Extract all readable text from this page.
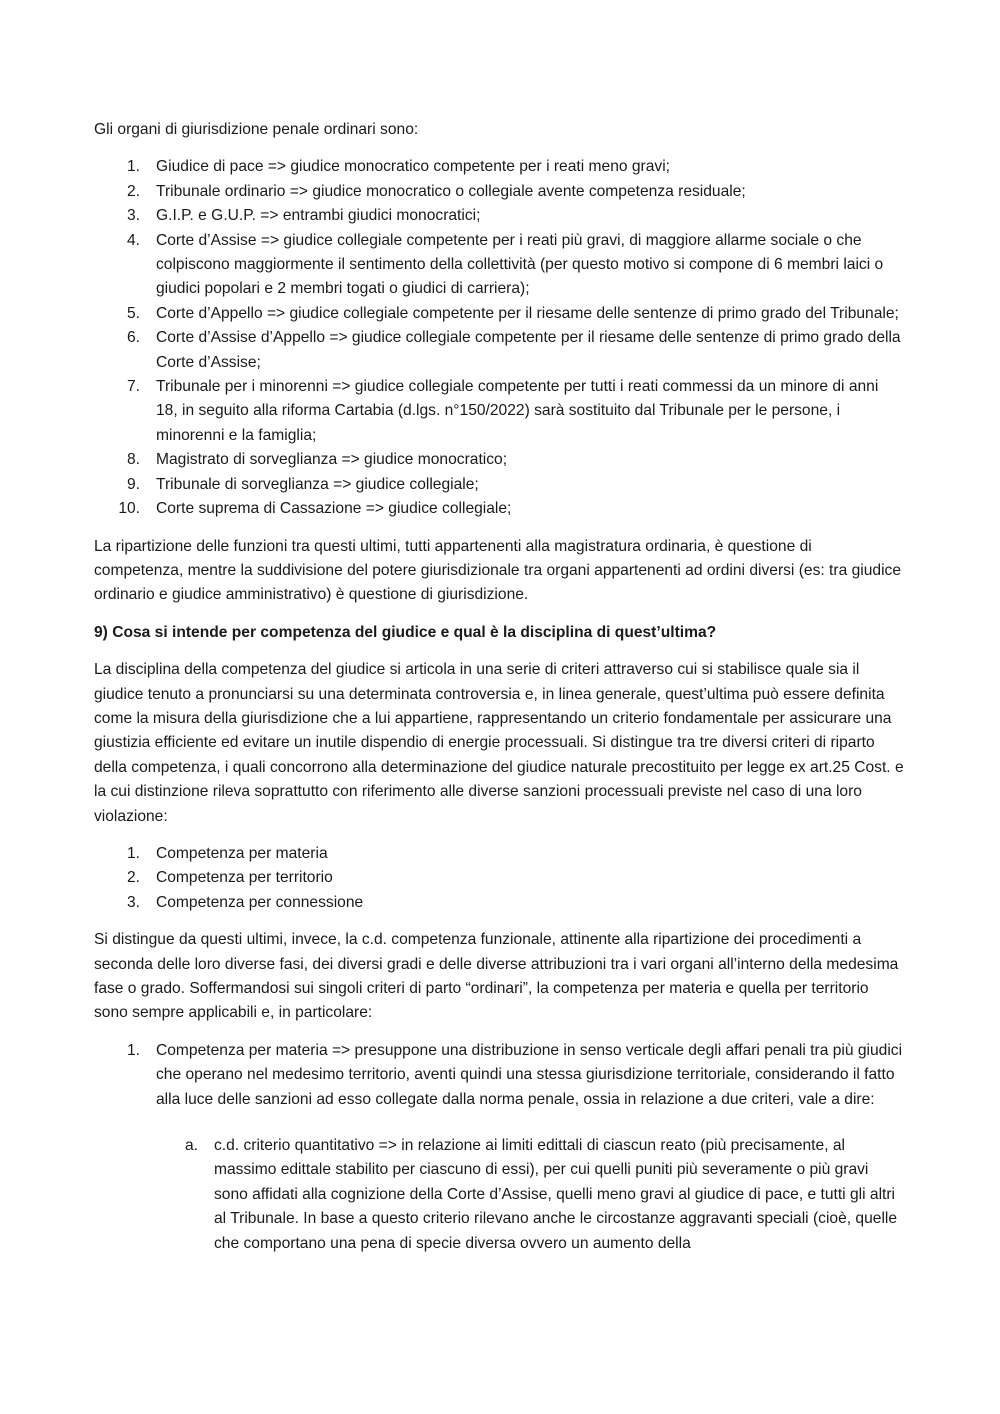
Gli organi di giurisdizione penale ordinari sono:

1. Giudice di pace => giudice monocratico competente per i reati meno gravi;
2. Tribunale ordinario => giudice monocratico o collegiale avente competenza residuale;
3. G.I.P. e G.U.P. => entrambi giudici monocratici;
4. Corte d’Assise => giudice collegiale competente per i reati più gravi, di maggiore allarme sociale o che colpiscono maggiormente il sentimento della collettività (per questo motivo si compone di 6 membri laici o giudici popolari e 2 membri togati o giudici di carriera);
5. Corte d’Appello => giudice collegiale competente per il riesame delle sentenze di primo grado del Tribunale;
6. Corte d’Assise d’Appello => giudice collegiale competente per il riesame delle sentenze di primo grado della Corte d’Assise;
7. Tribunale per i minorenni => giudice collegiale competente per tutti i reati commessi da un minore di anni 18, in seguito alla riforma Cartabia (d.lgs. n°150/2022) sarà sostituito dal Tribunale per le persone, i minorenni e la famiglia;
8. Magistrato di sorveglianza => giudice monocratico;
9. Tribunale di sorveglianza => giudice collegiale;
10. Corte suprema di Cassazione => giudice collegiale;

La ripartizione delle funzioni tra questi ultimi, tutti appartenenti alla magistratura ordinaria, è questione di competenza, mentre la suddivisione del potere giurisdizionale tra organi appartenenti ad ordini diversi (es: tra giudice ordinario e giudice amministrativo) è questione di giurisdizione.

9) Cosa si intende per competenza del giudice e qual è la disciplina di quest’ultima?

La disciplina della competenza del giudice si articola in una serie di criteri attraverso cui si stabilisce quale sia il giudice tenuto a pronunciarsi su una determinata controversia e, in linea generale, quest’ultima può essere definita come la misura della giurisdizione che a lui appartiene, rappresentando un criterio fondamentale per assicurare una giustizia efficiente ed evitare un inutile dispendio di energie processuali. Si distingue tra tre diversi criteri di riparto della competenza, i quali concorrono alla determinazione del giudice naturale precostituito per legge ex art.25 Cost. e la cui distinzione rileva soprattutto con riferimento alle diverse sanzioni processuali previste nel caso di una loro violazione:

1. Competenza per materia
2. Competenza per territorio
3. Competenza per connessione

Si distingue da questi ultimi, invece, la c.d. competenza funzionale, attinente alla ripartizione dei procedimenti a seconda delle loro diverse fasi, dei diversi gradi e delle diverse attribuzioni tra i vari organi all’interno della medesima fase o grado. Soffermandosi sui singoli criteri di parto “ordinari”, la competenza per materia e quella per territorio sono sempre applicabili e, in particolare:

1. Competenza per materia => presuppone una distribuzione in senso verticale degli affari penali tra più giudici che operano nel medesimo territorio, aventi quindi una stessa giurisdizione territoriale, considerando il fatto alla luce delle sanzioni ad esso collegate dalla norma penale, ossia in relazione a due criteri, vale a dire:
a. c.d. criterio quantitativo => in relazione ai limiti edittali di ciascun reato (più precisamente, al massimo edittale stabilito per ciascuno di essi), per cui quelli puniti più severamente o più gravi sono affidati alla cognizione della Corte d’Assise, quelli meno gravi al giudice di pace, e tutti gli altri al Tribunale. In base a questo criterio rilevano anche le circostanze aggravanti speciali (cioè, quelle che comportano una pena di specie diversa ovvero un aumento della
